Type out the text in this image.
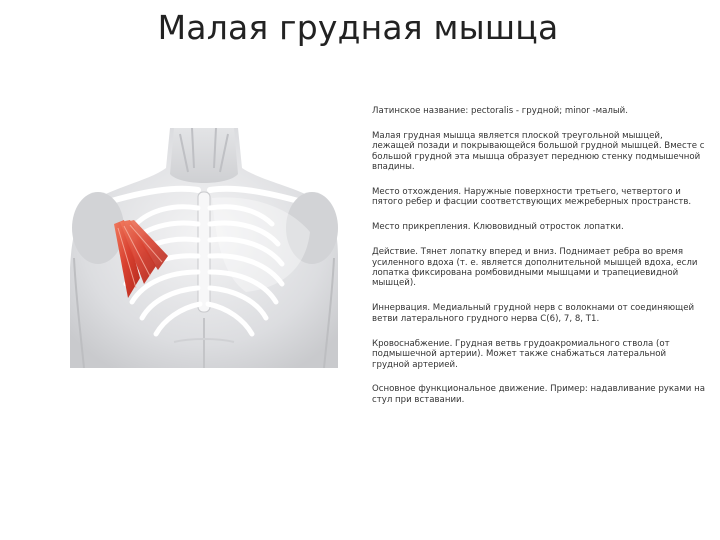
Малая грудная мышца

Латинское название: pectoralis - грудной; minor -малый.

Малая грудная мышца является плоской треугольной мышцей, лежащей позади и покрывающейся большой грудной мышцей. Вместе с большой грудной эта мышца образует переднюю стенку подмышечной впадины.

Место отхождения. Наружные поверхности третьего, четвертого и пятого ребер и фасции соответствующих межреберных пространств.

Место прикрепления. Клювовидный отросток лопатки.

Действие. Тянет лопатку вперед и вниз. Поднимает ребра во время усиленного вдоха (т. е. является дополнительной мышцей вдоха, если лопатка фиксирована ромбовидными мышцами и трапециевидной мышцей).

Иннервация. Медиальный грудной нерв с волокнами от соединяющей ветви латерального грудного нерва С(6), 7, 8, Т1.

Кровоснабжение. Грудная ветвь грудоакромиального ствола (от подмышечной артерии). Может также снабжаться латеральной грудной артерией.

Основное функциональное движение. Пример: надавливание руками на стул при вставании.
